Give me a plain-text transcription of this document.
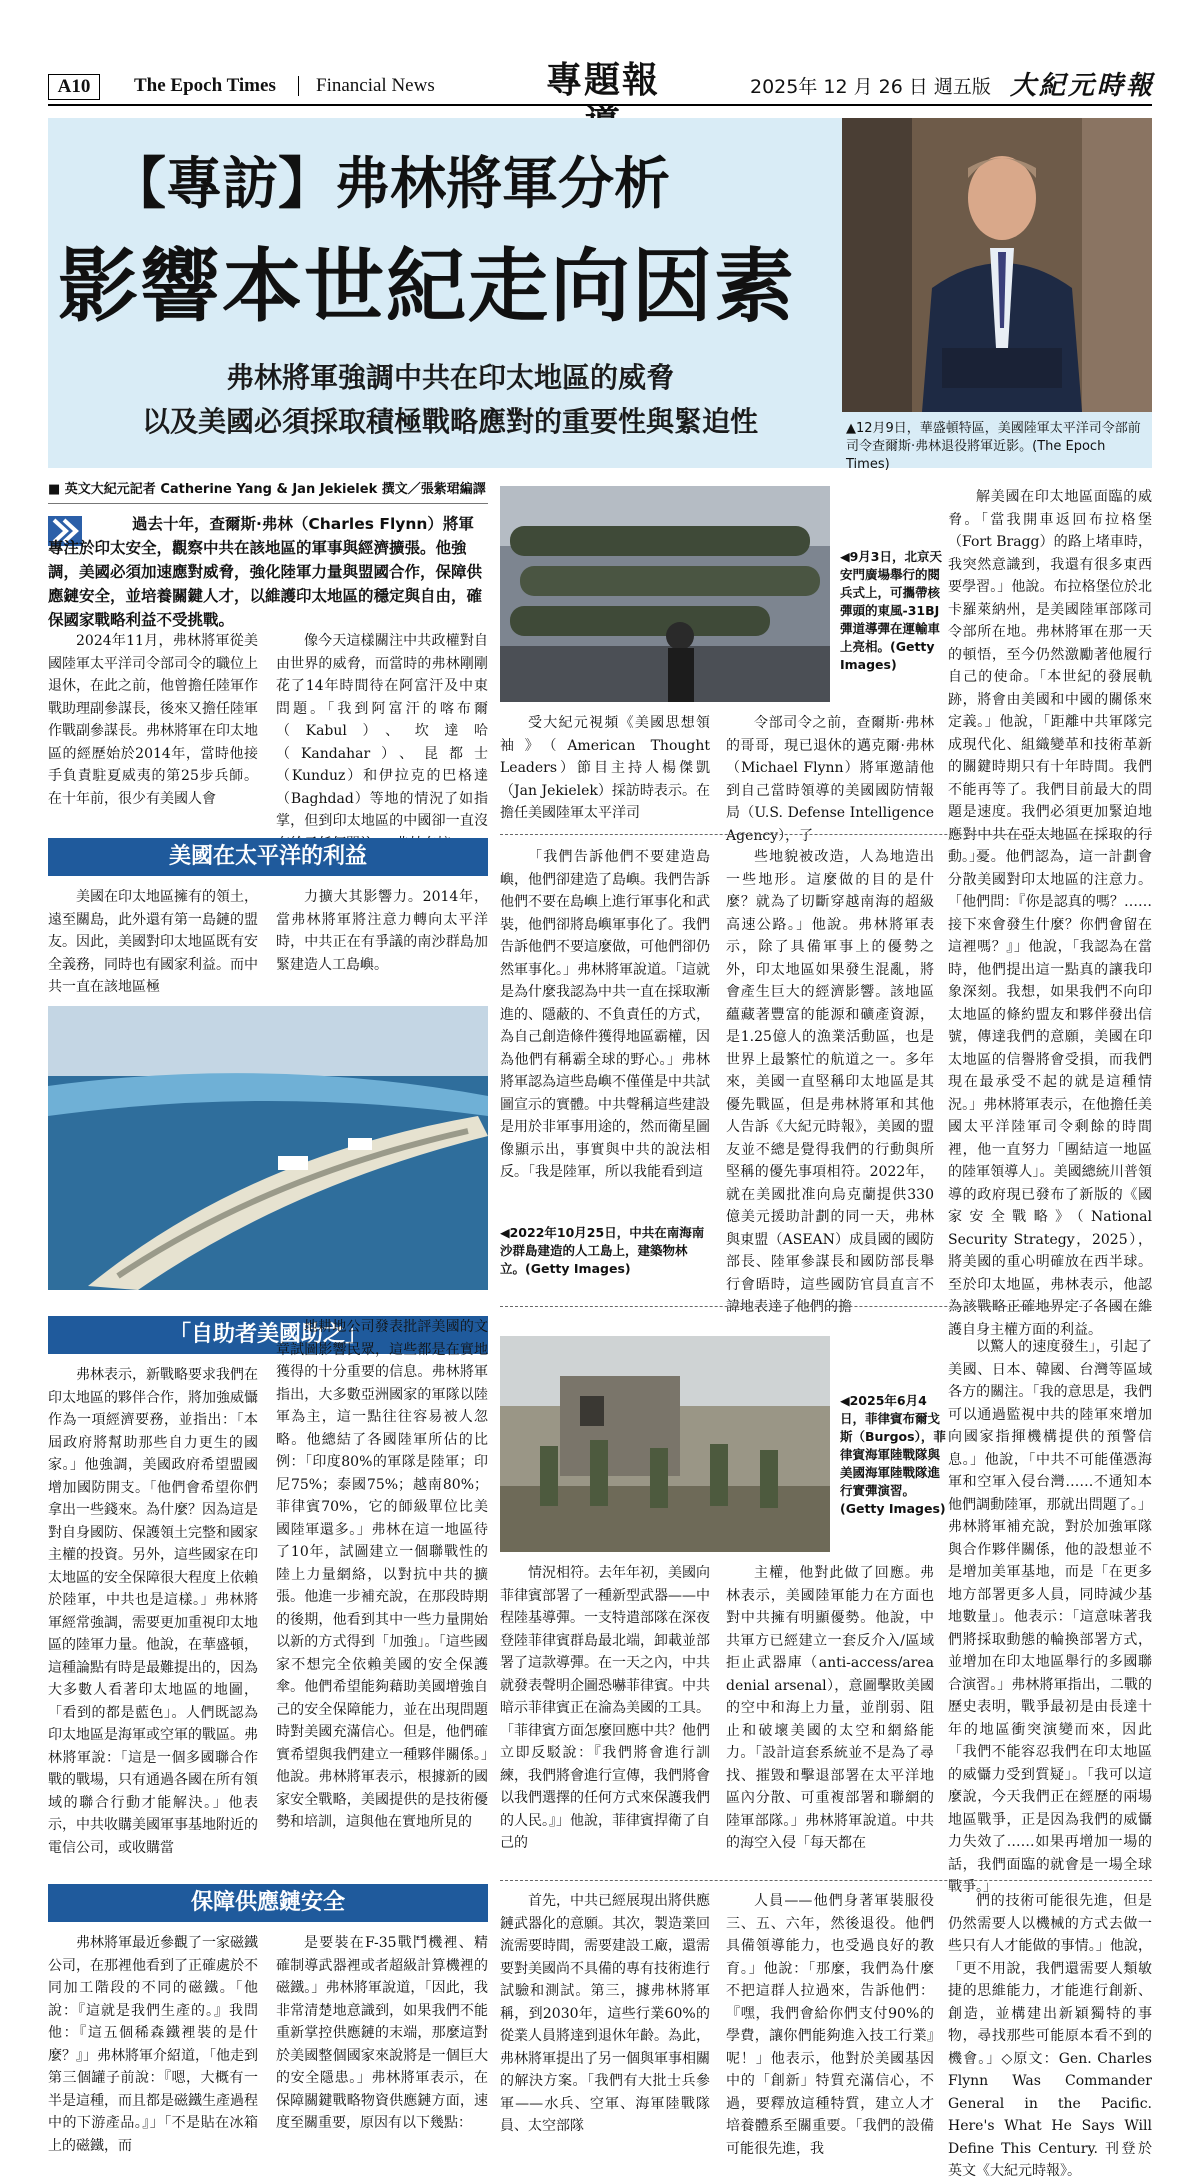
A10	The Epoch Times Financial News	專題報	2025年 12 月 26 日 週五版 大紀元時報
【專訪】弗林將軍分析
影響本世紀走向因素
弗林將軍強調中共在印太地區的威脅
以及美國必須採取積極戰略應對的重要性與緊迫性	▲12月9日，華盛頓特區，美國陸軍太平洋司令部前司令查爾斯·弗林退役將軍近影。(The Epoch Times)
■ 英文大紀元記者 Catherine Yang & Jan Jekielek 撰文／張紫珺編譯
過去十年，查爾斯·弗林（Charles Flynn）將軍專注於印太安全，觀察中共在該地區的軍事與經濟擴張。他強調，美國必須加速應對威脅，強化陸軍力量與盟國合作，保障供應鏈安全，並培養關鍵人才，以維護印太地區的穩定與自由，確保國家戰略利益不受挑戰。
2024年11月，弗林將軍從美國陸軍太平洋司令部司令的職位上退休，在此之前，他曾擔任陸軍作戰助理副參謀長，後來又擔任陸軍作戰副參謀長。弗林將軍在印太地區的經歷始於2014年，當時他接手負責駐夏威夷的第25步兵師。在十年前，很少有美國人會
像今天這樣關注中共政權對自由世界的威脅，而當時的弗林剛剛花了14年時間待在阿富汗及中東問題。「我到阿富汗的喀布爾（Kabul）、坎達哈（Kandahar）、昆都士（Kunduz）和伊拉克的巴格達（Baghdad）等地的情況了如指掌，但到印太地區的中國卻一直沒
◀9月3日，北京天安門廣場舉行的閱兵式上，可攜帶核彈頭的東風-31BJ彈道導彈在運輸車上亮相。(Getty Images)
受大紀元視頻《美國思想領袖》（American Thought Leaders）節目主持人楊傑凱（Jan Jekielek）採訪時表示。在擔任美國陸軍太平洋司
令部司令之前，查爾斯·弗林的哥哥，現已退休的邁克爾·弗林（Michael Flynn）將軍邀請他到自己當時領導的美國國防情報局（U.S. Defense Intelligence Agency），了
解美國在印太地區面臨的威脅。「當我開車返回布拉格堡（Fort Bragg）的路上堵車時，我突然意識到，我還有很多東西要學習。」他說。布拉格堡位於北卡羅萊納州，是美國陸軍部隊司令部所在地。弗林將軍在那一天的頓悟，至今仍然激勵著他履行自己的使命。「本世紀的發展軌跡，將會由美國和中國的關係來定義。」他說，「距離中共軍隊完成現代化、組織變革和技術革新的關鍵時期只有十年時間。我們不能再等了。我們目前最大的問題是速度。我們必須更加緊迫地應對中共在亞太地區在採取的行動。」
美國在太平洋的利益
美國在印太地區擁有的領土，遠至關島，此外還有第一島鏈的盟友。因此，美國對印太地區既有安全義務，同時也有國家利益。而中共一直在該地區極
力擴大其影響力。2014年，當弗林將軍將注意力轉向太平洋時，中共正在有爭議的南沙群島加緊建造人工島嶼。
「我們告訴他們不要建造島嶼，他們卻建造了島嶼。我們告訴他們不要在島嶼上進行軍事化和武裝，他們卻將島嶼軍事化了。我們告訴他們不要這麼做，可他們卻仍然軍事化。」弗林將軍說道。「這就是為什麼我認為中共一直在採取漸進的、隱蔽的、不負責任的方式，為自己創造條件獲得地區霸權，因為他們有稱霸全球的野心。」弗林將軍認為這些島嶼不僅僅是中共試圖宣示的實體。中共聲稱這些建設是用於非軍事用途的，然而衛星圖像顯示出，事實與中共的說法相反。「我是陸軍，所以我能看到這
◀2022年10月25日，中共在南海南沙群島建造的人工島上，建築物林立。(Getty Images)
些地貌被改造，人為地造出一些地形。這麼做的目的是什麼？就為了切斷穿越南海的超級高速公路。」他說。弗林將軍表示，除了具備軍事上的優勢之外，印太地區如果發生混亂，將會產生巨大的經濟影響。該地區蘊藏著豐富的能源和礦產資源，是1.25億人的漁業活動區，也是世界上最繁忙的航道之一。多年來，美國一直堅稱印太地區是其優先戰區，但是弗林將軍和其他人告訴《大紀元時報》，美國的盟友並不總是覺得我們的行動與所堅稱的優先事項相符。2022年，就在美國批准向烏克蘭提供330億美元援助計劃的同一天，弗林與東盟（ASEAN）成員國的國防部長、陸軍參謀長和國防部長舉行會晤時，這些國防官員直言不諱地表達了他們的擔
憂。他們認為，這一計劃會分散美國對印太地區的注意力。「他們問：『你是認真的嗎？……接下來會發生什麼？你們會留在這裡嗎？』」他說，「我認為在當時，他們提出這一點真的讓我印象深刻。我想，如果我們不向印太地區的條約盟友和夥伴發出信號，傳達我們的意願，美國在印太地區的信譽將會受損，而我們現在最承受不起的就是這種情況。」弗林將軍表示，在他擔任美國太平洋陸軍司令剩餘的時間裡，他一直努力「團結這一地區的陸軍領導人」。美國總統川普領導的政府現已發布了新版的《國家安全戰略》（National Security Strategy，2025），將美國的重心明確放在西半球。至於印太地區，弗林表示，他認為該戰略正確地界定了各國在維護自身主權方面的利益。
「自助者美國助之」
弗林表示，新戰略要求我們在印太地區的夥伴合作，將加強威懾作為一項經濟要務，並指出：「本屆政府將幫助那些自力更生的國家。」他強調，美國政府希望盟國增加國防開支。「他們會希望你們拿出一些錢來。為什麼？因為這是對自身國防、保護領土完整和國家主權的投資。另外，這些國家在印太地區的安全保障很大程度上依賴於陸軍，中共也是這樣。」弗林將軍經常強調，需要更加重視印太地區的陸軍力量。他說，在華盛頓，這種論點有時是最難提出的，因為大多數人看著印太地區的地圖，「看到的都是藍色」。人們既認為印太地區是海軍或空軍的戰區。弗林將軍說：「這是一個多國聯合作戰的戰場，只有通過各國在所有領域的聯合行動才能解決。」他表示，中共收購美國軍事基地附近的電信公司，或收購當
地耕地公司發表批評美國的文章試圖影響民眾，這些都是在實地獲得的十分重要的信息。弗林將軍指出，大多數亞洲國家的軍隊以陸軍為主，這一點往往容易被人忽略。他總結了各國陸軍所佔的比例：「印度80%的軍隊是陸軍；印尼75%；泰國75%；越南80%；菲律賓70%，它的師級單位比美國陸軍還多。」弗林在這一地區待了10年，試圖建立一個聯戰性的陸上力量網絡，以對抗中共的擴張。他進一步補充說，在那段時期的後期，他看到其中一些力量開始以新的方式得到「加強」。「這些國家不想完全依賴美國的安全保護傘。他們希望能夠藉助美國增強自己的安全保障能力，並在出現問題時對美國充滿信心。但是，他們確實希望與我們建立一種夥伴關係。」他說。弗林將軍表示，根據新的國家安全戰略，美國提供的是技術優勢和培訓，這與他在實地所見的
◀2025年6月4日，菲律賓布爾戈斯（Burgos），菲律賓海軍陸戰隊與美國海軍陸戰隊進行實彈演習。(Getty Images)
情況相符。去年年初，美國向菲律賓部署了一種新型武器——中程陸基導彈。一支特遣部隊在深夜登陸菲律賓群島最北端，卸載並部署了這款導彈。在一天之內，中共就發表聲明企圖恐嚇菲律賓。中共暗示菲律賓正在淪為美國的工具。「菲律賓方面怎麼回應中共？他們立即反駁說：『我們將會進行訓練，我們將會進行宣傳，我們將會以我們選擇的任何方式來保護我們的人民。』」他說，菲律賓捍衛了自己的
主權，他對此做了回應。弗林表示，美國陸軍能力在方面也對中共擁有明顯優勢。他說，中共軍方已經建立一套反介入/區域拒止武器庫（anti-access/area denial arsenal），意圖擊敗美國的空中和海上力量，並削弱、阻止和破壞美國的太空和網絡能力。「設計這套系統並不是為了尋找、摧毀和擊退部署在太平洋地區內分散、可重複部署和聯網的陸軍部隊。」弗林將軍說道。中共的海空入侵「每天都在
以驚人的速度發生」，引起了美國、日本、韓國、台灣等區域各方的關注。「我的意思是，我們可以通過監視中共的陸軍來增加向國家指揮機構提供的預警信息。」他說，「中共不可能僅憑海軍和空軍入侵台灣……不通知本他們調動陸軍，那就出問題了。」弗林將軍補充說，對於加強軍隊與合作夥伴關係，他的設想並不是增加美軍基地，而是「在更多地方部署更多人員，同時減少基地數量」。他表示：「這意味著我們將採取動態的輪換部署方式，並增加在印太地區舉行的多國聯合演習。」弗林將軍指出，二戰的歷史表明，戰爭最初是由長達十年的地區衝突演變而來，因此「我們不能容忍我們在印太地區的威懾力受到質疑」。「我可以這麼說，今天我們正在經歷的兩場地區戰爭，正是因為我們的威懾力失效了……如果再增加一場的話，我們面臨的就會是一場全球戰爭。」
保障供應鏈安全
弗林將軍最近參觀了一家磁鐵公司，在那裡他看到了正確處於不同加工階段的不同的磁鐵。「他說：『這就是我們生產的。』我問他：『這五個稀森鐵裡裝的是什麼？』」弗林將軍介紹道，「他走到第三個罐子前說：『嗯，大概有一半是這種，而且都是磁鐵生產過程中的下游產品。』」「不是貼在冰箱上的磁鐵，而
是要裝在F-35戰鬥機裡、精確制導武器裡或者超級計算機裡的磁鐵。」弗林將軍說道，「因此，我非常清楚地意識到，如果我們不能重新掌控供應鏈的末端，那麼這對於美國整個國家來說將是一個巨大的安全隱患。」弗林將軍表示，在保障關鍵戰略物資供應鏈方面，速度至關重要，原因有以下幾點：
首先，中共已經展現出將供應鏈武器化的意願。其次，製造業回流需要時間，需要建設工廠，還需要對美國尚不具備的專有技術進行試驗和測試。第三，據弗林將軍稱，到2030年，這些行業60%的從業人員將達到退休年齡。為此，弗林將軍提出了另一個與軍事相關的解決方案。「我們有大批士兵參軍——水兵、空軍、海軍陸戰隊員、太空部隊
人員——他們身著軍裝服役三、五、六年，然後退役。他們具備領導能力，也受過良好的教育。」他說：「那麼，我們為什麼不把這群人拉過來，告訴他們：『嘿，我們會給你們支付90%的學費，讓你們能夠進入技工行業』呢！」他表示，他對於美國基因中的「創新」特質充滿信心，不過，要釋放這種特質，建立人才培養體系至關重要。「我們的設備可能很先進，我
們的技術可能很先進，但是仍然需要人以機械的方式去做一些只有人才能做的事情。」他說，「更不用說，我們還需要人類敏捷的思維能力，才能進行創新、創造，並構建出新穎獨特的事物，尋找那些可能原本看不到的機會。」◇原文：Gen. Charles Flynn Was Commander General in the Pacific. Here's What He Says Will Define This Century. 刊登於英文《大紀元時報》。
